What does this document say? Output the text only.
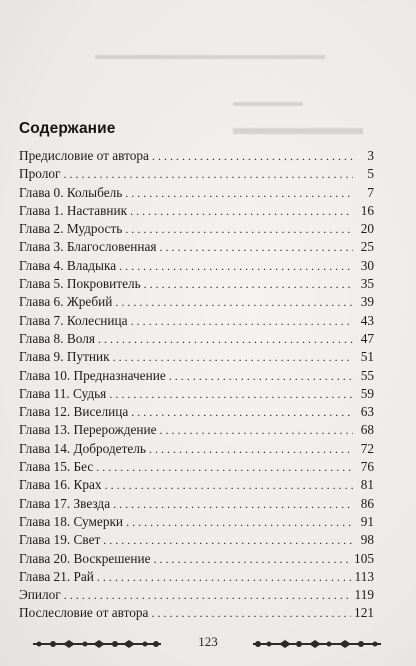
Содержание
Предисловие от автора . . .	3
Пролог . . .	5
Глава 0. Колыбель . . .	7
Глава 1. Наставник . . .	16
Глава 2. Мудрость . . .	20
Глава 3. Благословенная . . .	25
Глава 4. Владыка . . .	30
Глава 5. Покровитель . . .	35
Глава 6. Жребий . . .	39
Глава 7. Колесница . . .	43
Глава 8. Воля . . .	47
Глава 9. Путник . . .	51
Глава 10. Предназначение . . .	55
Глава 11. Судья . . .	59
Глава 12. Виселица . . .	63
Глава 13. Перерождение . . .	68
Глава 14. Добродетель . . .	72
Глава 15. Бес . . .	76
Глава 16. Крах . . .	81
Глава 17. Звезда . . .	86
Глава 18. Сумерки . . .	91
Глава 19. Свет . . .	98
Глава 20. Воскрешение . . .	105
Глава 21. Рай . . .	113
Эпилог . . .	119
Послесловие от автора . . .	121
123
